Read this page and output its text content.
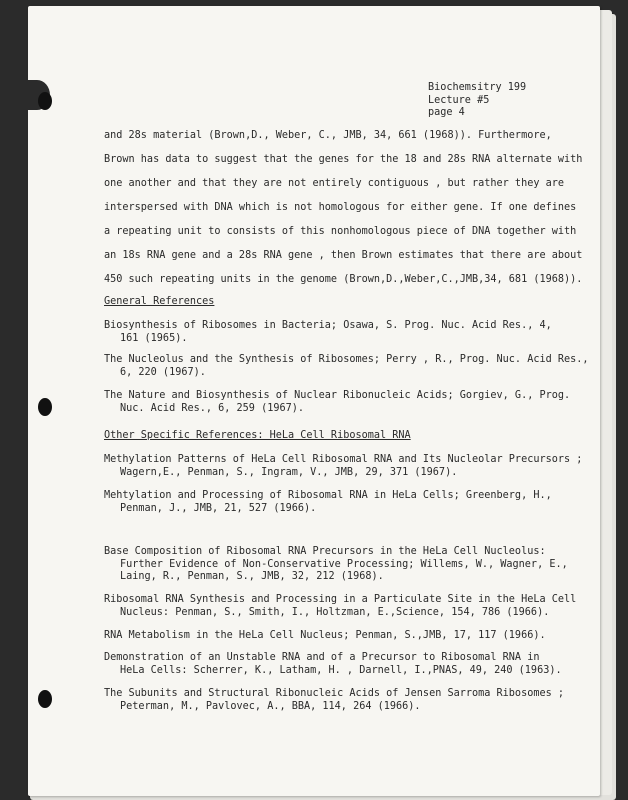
Biochemsitry 199
Lecture #5
page 4
and 28s material (Brown,D., Weber, C., JMB, 34, 661 (1968)). Furthermore,
Brown has data to suggest that the genes for the 18 and 28s RNA alternate with
one another and that they are not entirely contiguous , but rather they are
interspersed with DNA which is not homologous for either gene. If one defines
a repeating unit to consists of this nonhomologous piece of DNA together with
an 18s RNA gene and a 28s RNA gene , then Brown estimates that there are about
450 such repeating units in the genome (Brown,D.,Weber,C.,JMB,34, 681 (1968)).
General References
Biosynthesis of Ribosomes in Bacteria; Osawa, S. Prog. Nuc. Acid Res., 4,
161 (1965).
The Nucleolus and the Synthesis of Ribosomes; Perry , R., Prog. Nuc. Acid Res.,
6, 220 (1967).
The Nature and Biosynthesis of Nuclear Ribonucleic Acids; Gorgiev, G., Prog.
Nuc. Acid Res., 6, 259 (1967).
Other Specific References: HeLa Cell Ribosomal RNA
Methylation Patterns of HeLa Cell Ribosomal RNA and Its Nucleolar Precursors ;
Wagern,E., Penman, S., Ingram, V., JMB, 29, 371 (1967).
Mehtylation and Processing of Ribosomal RNA in HeLa Cells; Greenberg, H.,
Penman, J., JMB, 21, 527 (1966).
Base Composition of Ribosomal RNA Precursors in the HeLa Cell Nucleolus:
Further Evidence of Non-Conservative Processing; Willems, W., Wagner, E.,
Laing, R., Penman, S., JMB, 32, 212 (1968).
Ribosomal RNA Synthesis and Processing in a Particulate Site in the HeLa Cell
Nucleus: Penman, S., Smith, I., Holtzman, E.,Science, 154, 786 (1966).
RNA Metabolism in the HeLa Cell Nucleus; Penman, S.,JMB, 17, 117 (1966).
Demonstration of an Unstable RNA and of a Precursor to Ribosomal RNA in
HeLa Cells: Scherrer, K., Latham, H. , Darnell, I.,PNAS, 49, 240 (1963).
The Subunits and Structural Ribonucleic Acids of Jensen Sarroma Ribosomes ;
Peterman, M., Pavlovec, A., BBA, 114, 264 (1966).
